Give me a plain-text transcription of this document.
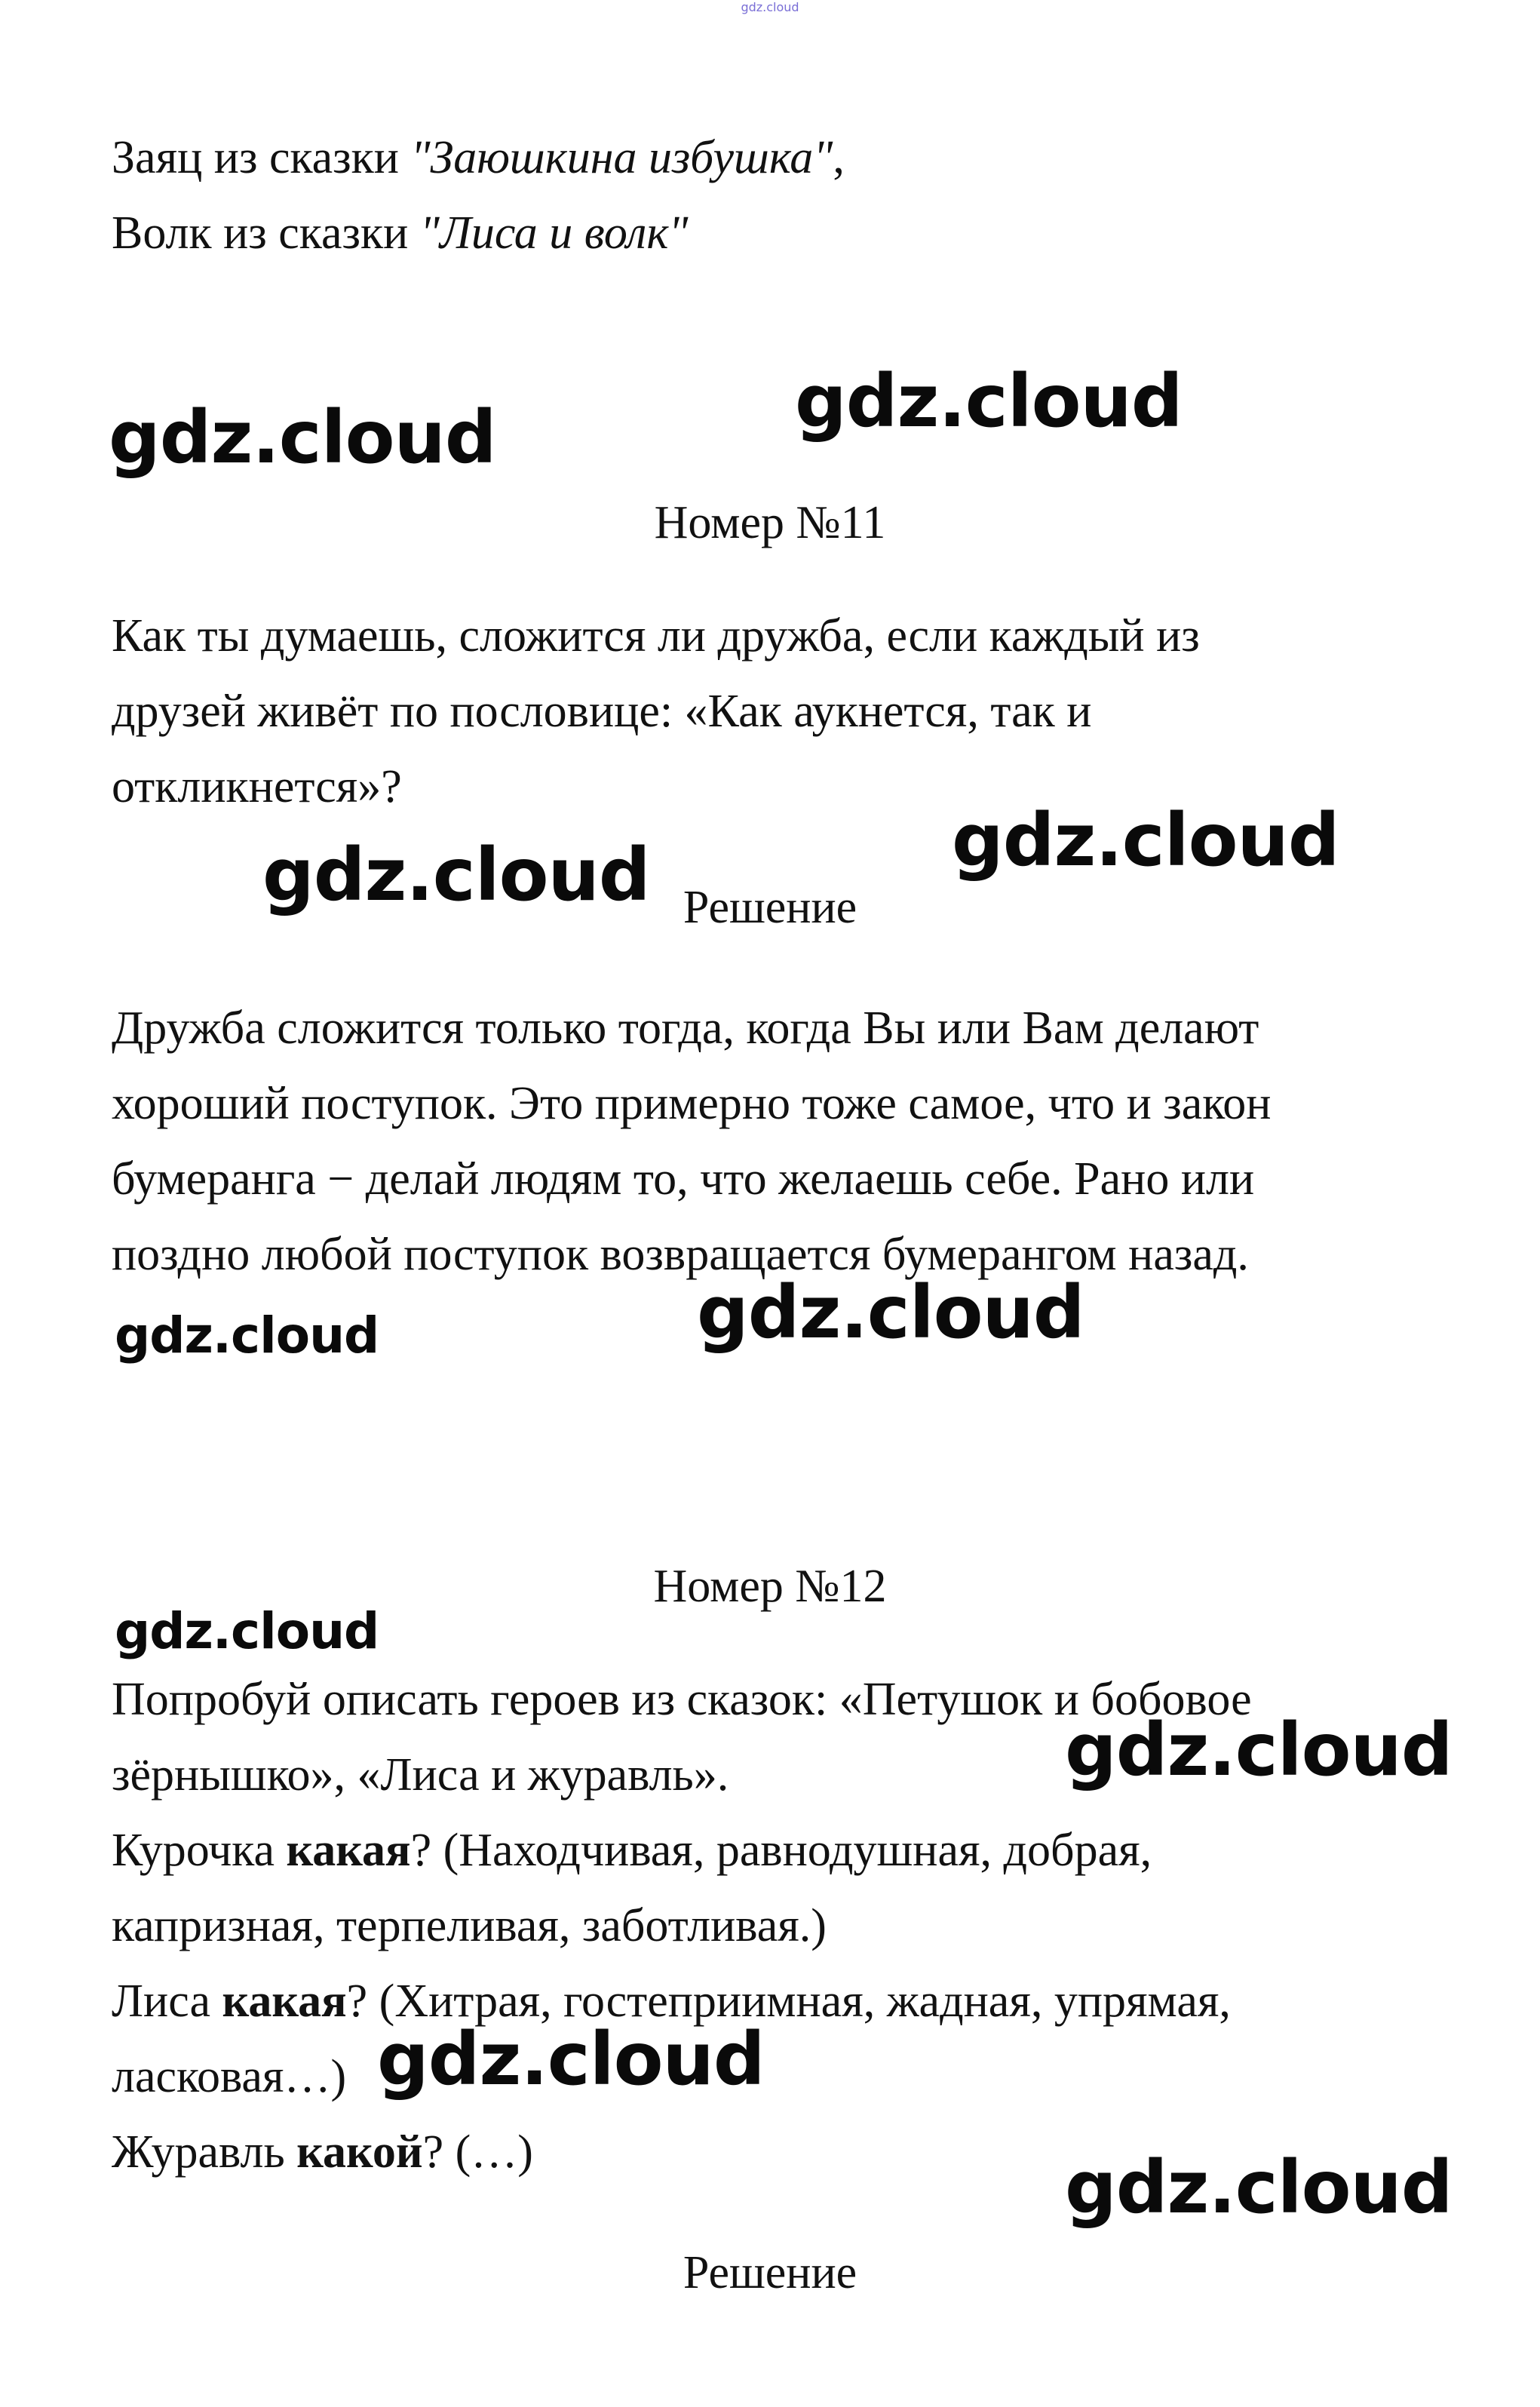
gdz.cloud
Заяц из сказки "Заюшкина избушка",
Волк из сказки "Лиса и волк"
Номер №11
Как ты думаешь, сложится ли дружба, если каждый из
друзей живёт по пословице: «Как аукнется, так и
откликнется»?
Решение
Дружба сложится только тогда, когда Вы или Вам делают
хороший поступок. Это примерно тоже самое, что и закон
бумеранга − делай людям то, что желаешь себе. Рано или
поздно любой поступок возвращается бумерангом назад.
Номер №12
Попробуй описать героев из сказок: «Петушок и бобовое
зёрнышко», «Лиса и журавль».
Курочка какая? (Находчивая, равнодушная, добрая,
капризная, терпеливая, заботливая.)
Лиса какая? (Хитрая, гостеприимная, жадная, упрямая,
ласковая…)
Журавль какой? (…)
Решение
gdz.cloud	gdz.cloud
gdz.cloud
gdz.cloud
gdz.cloud
gdz.cloud
gdz.cloud
gdz.cloud
gdz.cloud
gdz.cloud
